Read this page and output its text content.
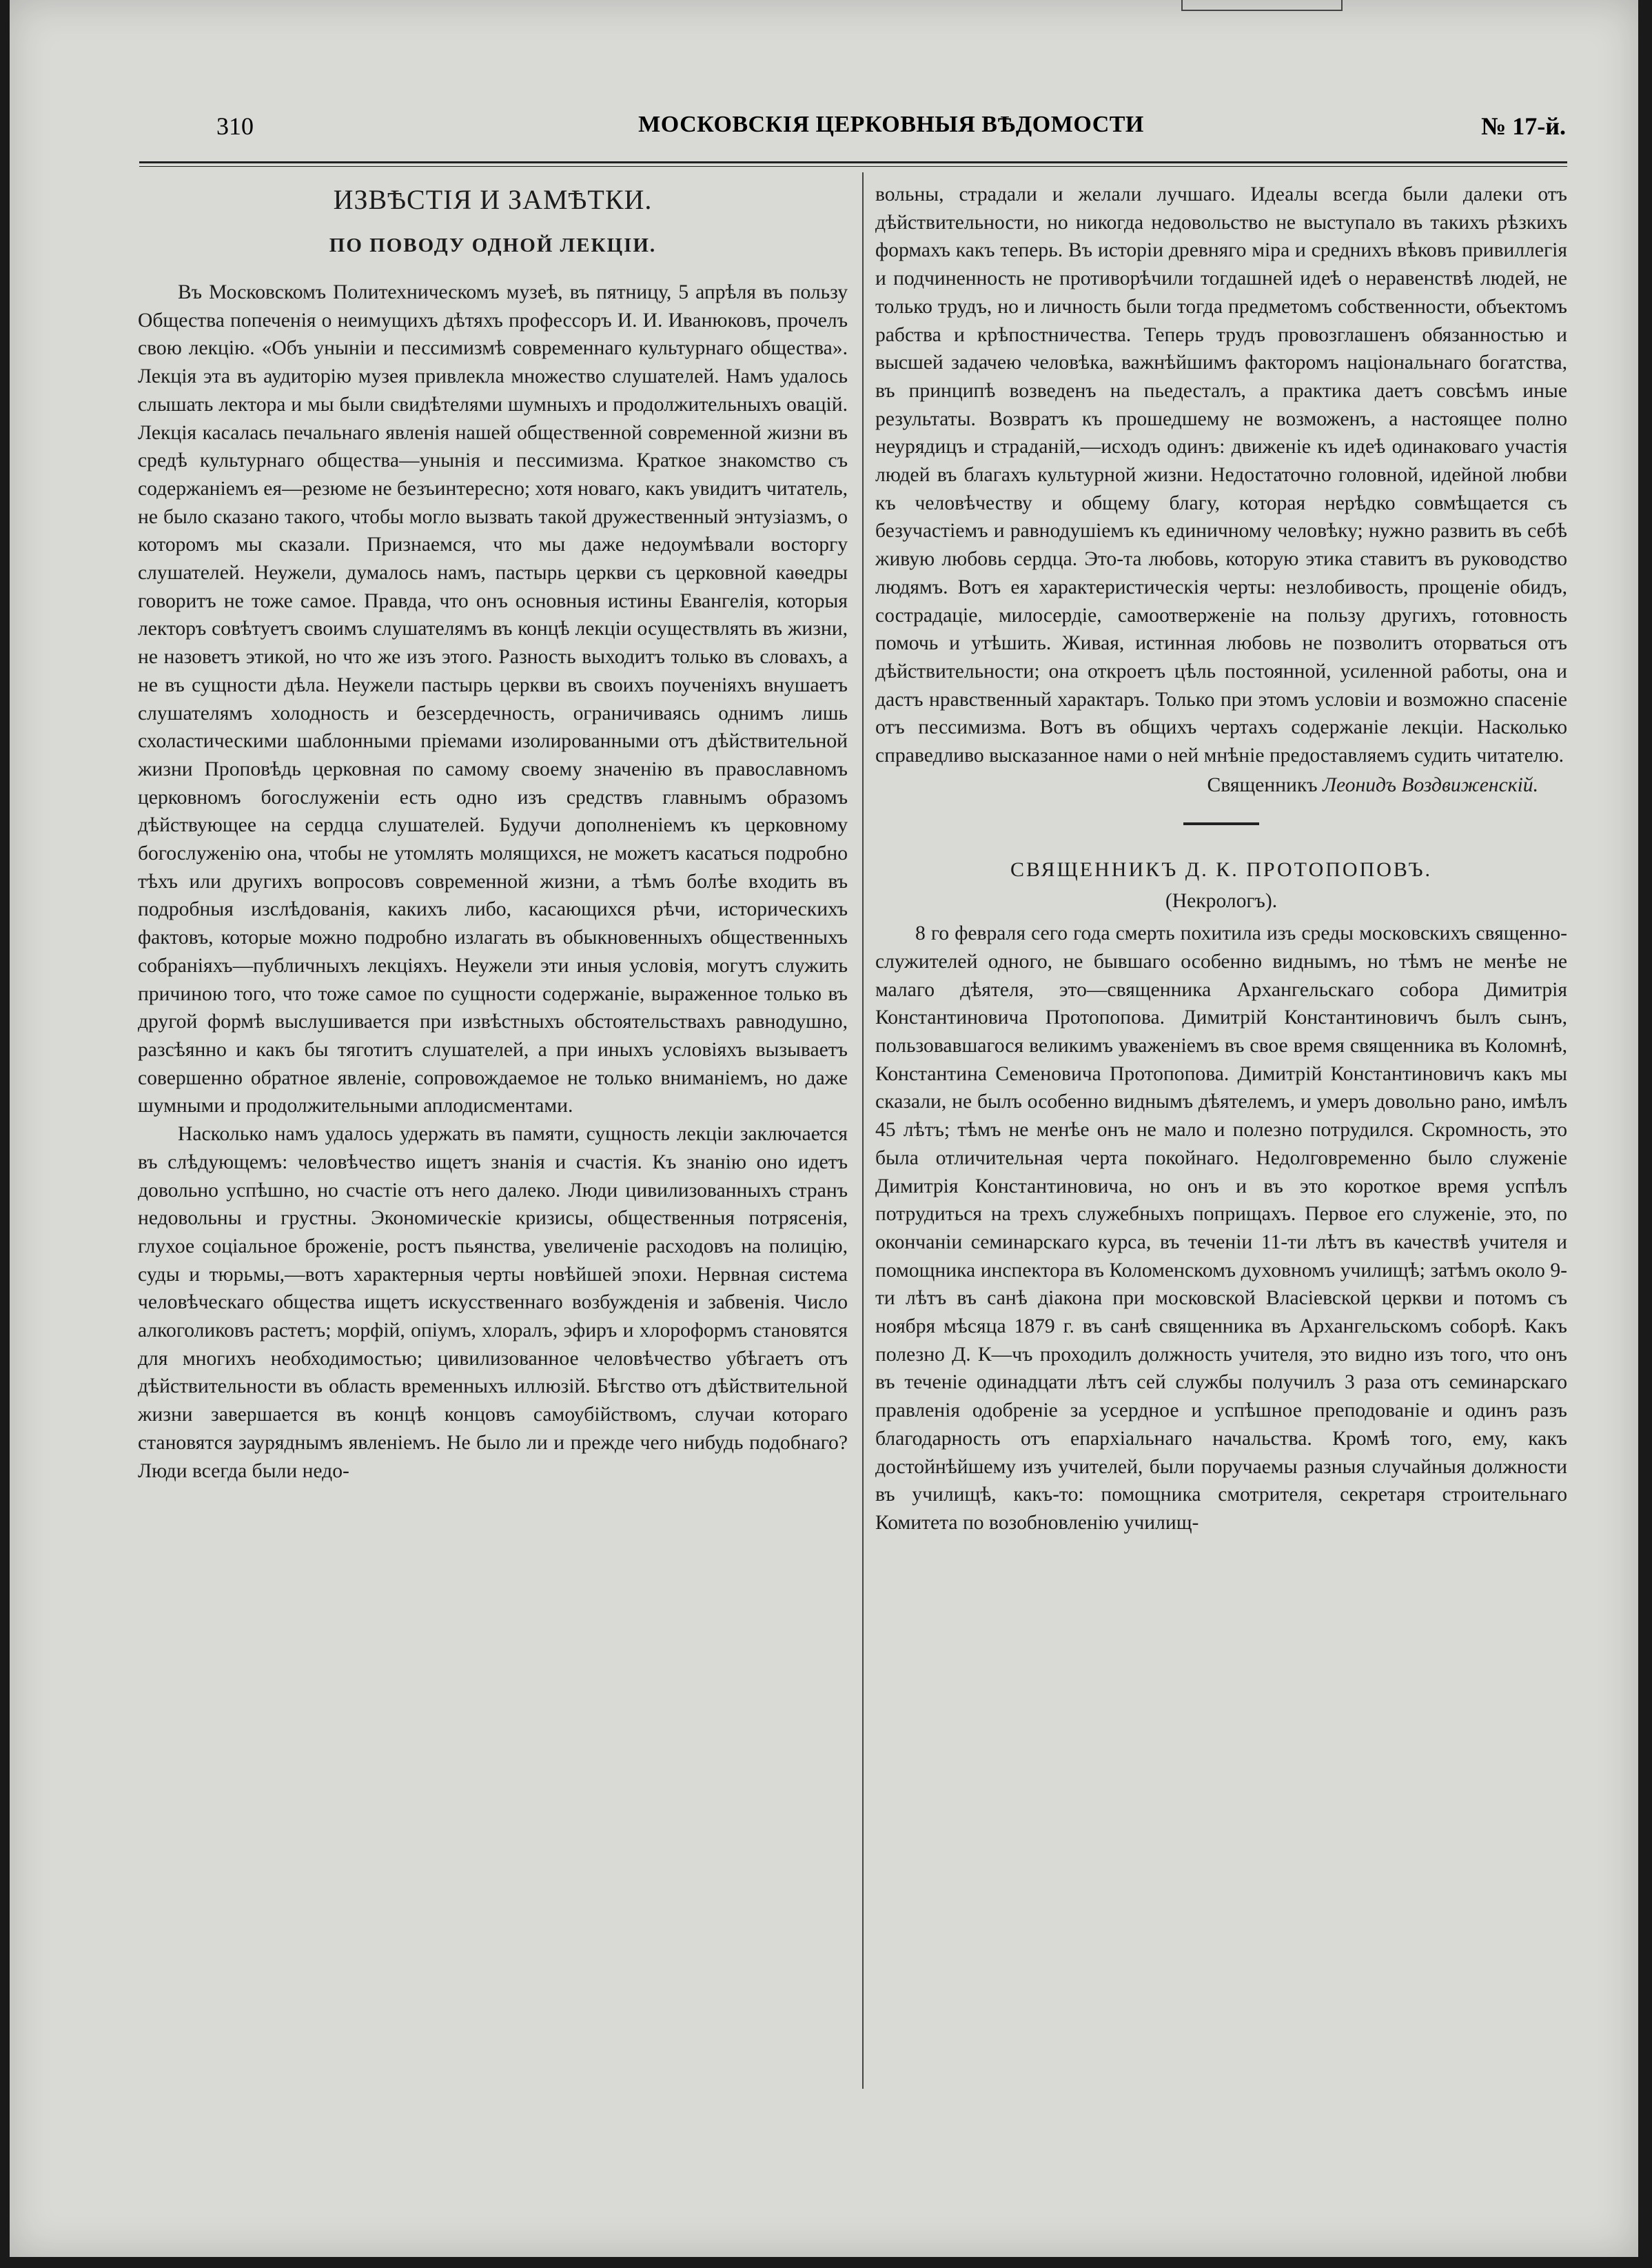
310	МОСКОВСКІЯ ЦЕРКОВНЫЯ ВѢДОМОСТИ	№ 17-й.
ИЗВѢСТІЯ И ЗАМѢТКИ.
ПО ПОВОДУ ОДНОЙ ЛЕКЦІИ.

Въ Московскомъ Политехническомъ музеѣ, въ пятницу, 5 апрѣля въ пользу Общества попеченія о неимущихъ дѣтяхъ профессоръ И. И. Иванюковъ, прочелъ свою лекцію. «Объ унынiи и пессимизмѣ современнаго культурнаго общества». Лекція эта въ аудиторію музея привлекла множество слушателей. Намъ удалось слышать лектора и мы были свидѣтелями шумныхъ и продолжительныхъ овацій. Лекція касалась печальнаго явленія нашей общественной современной жизни въ средѣ культурнаго общества—унынія и пессимизма. Краткое знакомство съ содержаніемъ ея—резюме не безъинтересно; хотя новаго, какъ увидитъ читатель, не было сказано такого, чтобы могло вызвать такой дружественный энтузіазмъ, о которомъ мы сказали. Признаемся, что мы даже недоумѣвали восторгу слушателей. Неужели, думалось намъ, пастырь церкви съ церковной каѳедры говоритъ не тоже самое. Правда, что онъ основныя истины Евангелія, которыя лекторъ совѣтуетъ своимъ слушателямъ въ концѣ лекціи осуществлять въ жизни, не назоветъ этикой, но что же изъ этого. Разность выходитъ только въ словахъ, а не въ сущности дѣла. Неужели пастырь церкви въ своихъ поученіяхъ внушаетъ слушателямъ холодность и безсердечность, ограничиваясь однимъ лишь схоластическими шаблонными пріемами изолированными отъ дѣйствительной жизни Проповѣдь церковная по самому своему значенію въ православномъ церковномъ богослуженіи есть одно изъ средствъ главнымъ образомъ дѣйствующее на сердца слушателей. Будучи дополненіемъ къ церковному богослуженію она, чтобы не утомлять молящихся, не можетъ касаться подробно тѣхъ или другихъ вопросовъ современной жизни, а тѣмъ болѣе входить въ подробныя изслѣдованія, какихъ либо, касающихся рѣчи, историческихъ фактовъ, которые можно подробно излагать въ обыкновенныхъ общественныхъ собраніяхъ—публичныхъ лекціяхъ. Неужели эти иныя условія, могутъ служить причиною того, что тоже самое по сущности содержаніе, выраженное только въ другой формѣ выслушивается при извѣстныхъ обстоятельствахъ равнодушно, разсѣянно и какъ бы тяготитъ слушателей, а при иныхъ условіяхъ вызываетъ совершенно обратное явленіе, сопровождаемое не только вниманіемъ, но даже шумными и продолжительными аплодисментами.

Насколько намъ удалось удержать въ памяти, сущность лекціи заключается въ слѣдующемъ: человѣчество ищетъ знанія и счастія. Къ знанію оно идетъ довольно успѣшно, но счастіе отъ него далеко. Люди цивилизованныхъ странъ недовольны и грустны. Экономическіе кризисы, общественныя потрясенія, глухое соціальное броженіе, ростъ пьянства, увеличеніе расходовъ на полицію, суды и тюрьмы,—вотъ характерныя черты новѣйшей эпохи. Нервная система человѣческаго общества ищетъ искусственнаго возбужденія и забвенія. Число алкоголиковъ растетъ; морфій, опіумъ, хлоралъ, эфиръ и хлороформъ становятся для многихъ необходимостью; цивилизованное человѣчество убѣгаетъ отъ дѣйствительности въ область временныхъ иллюзій. Бѣгство отъ дѣйствительной жизни завершается въ концѣ концовъ самоубійствомъ, случаи котораго становятся зауряднымъ явленіемъ. Не было ли и прежде чего нибудь подобнаго? Люди всегда были недо-

вольны, страдали и желали лучшаго. Идеалы всегда были далеки отъ дѣйствительности, но никогда недовольство не выступало въ такихъ рѣзкихъ формахъ какъ теперь. Въ исторіи древняго міра и среднихъ вѣковъ привиллегія и подчиненность не противорѣчили тогдашней идеѣ о неравенствѣ людей, не только трудъ, но и личность были тогда предметомъ собственности, объектомъ рабства и крѣпостничества. Теперь трудъ провозглашенъ обязанностью и высшей задачею человѣка, важнѣйшимъ факторомъ національнаго богатства, въ принципѣ возведенъ на пьедесталъ, а практика даетъ совсѣмъ иные результаты. Возвратъ къ прошедшему не возможенъ, а настоящее полно неурядицъ и страданій,—исходъ одинъ: движеніе къ идеѣ одинаковаго участія людей въ благахъ культурной жизни. Недостаточно головной, идейной любви къ человѣчеству и общему благу, которая нерѣдко совмѣщается съ безучастіемъ и равнодушіемъ къ единичному человѣку; нужно развить въ себѣ живую любовь сердца. Это-та любовь, которую этика ставитъ въ руководство людямъ. Вотъ ея характеристическія черты: незлобивость, прощеніе обидъ, сострадаціе, милосердіе, самоотверженіе на пользу другихъ, готовность помочь и утѣшить. Живая, истинная любовь не позволитъ оторваться отъ дѣйствительности; она откроетъ цѣль постоянной, усиленной работы, она и дастъ нравственный характаръ. Только при этомъ условіи и возможно спасеніе отъ пессимизма. Вотъ въ общихъ чертахъ содержаніе лекціи. Насколько справедливо высказанное нами о ней мнѣніе предоставляемъ судить читателю.

Священникъ Леонидъ Воздвиженскій.
СВЯЩЕННИКЪ Д. К. ПРОТОПОПОВЪ.
(Некрологъ).

8 го февраля сего года смерть похитила изъ среды московскихъ священно-служителей одного, не бывшаго особенно виднымъ, но тѣмъ не менѣе не малаго дѣятеля, это—священника Архангельскаго собора Димитрія Константиновича Протопопова. Димитрій Константиновичъ былъ сынъ, пользовавшагося великимъ уваженіемъ въ свое время священника въ Коломнѣ, Константина Семеновича Протопопова. Димитрій Константиновичъ какъ мы сказали, не былъ особенно виднымъ дѣятелемъ, и умеръ довольно рано, имѣлъ 45 лѣтъ; тѣмъ не менѣе онъ не мало и полезно потрудился. Скромность, это была отличительная черта покойнаго. Недолговременно было служеніе Димитрія Константиновича, но онъ и въ это короткое время успѣлъ потрудиться на трехъ служебныхъ поприщахъ. Первое его служеніе, это, по окончаніи семинарскаго курса, въ теченіи 11-ти лѣтъ въ качествѣ учителя и помощника инспектора въ Коломенскомъ духовномъ училищѣ; затѣмъ около 9-ти лѣтъ въ санѣ діакона при московской Власіевской церкви и потомъ съ ноября мѣсяца 1879 г. въ санѣ священника въ Архангельскомъ соборѣ. Какъ полезно Д. К—чъ проходилъ должность учителя, это видно изъ того, что онъ въ теченіе одинадцати лѣтъ сей службы получилъ 3 раза отъ семинарскаго правленія одобреніе за усердное и успѣшное преподованіе и одинъ разъ благодарность отъ епархіальнаго начальства. Кромѣ того, ему, какъ достойнѣйшему изъ учителей, были поручаемы разныя случайныя должности въ училищѣ, какъ-то: помощника смотрителя, секретаря строительнаго Комитета по возобновленію училищ-
